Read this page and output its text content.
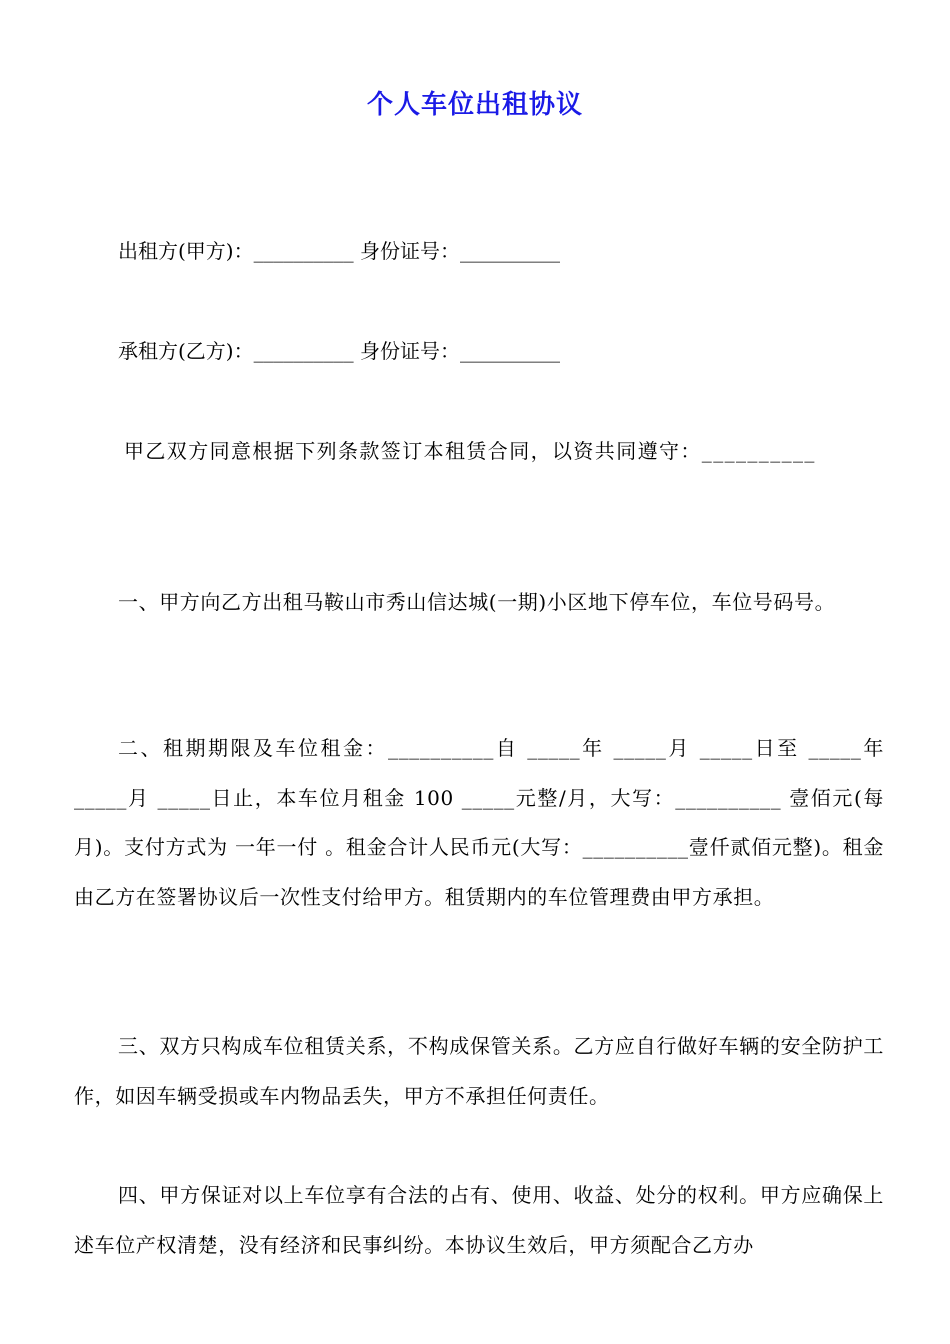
个人车位出租协议
出租方(甲方)：__________ 身份证号：__________
承租方(乙方)：__________ 身份证号：__________
甲乙双方同意根据下列条款签订本租赁合同，以资共同遵守：__________

一、甲方向乙方出租马鞍山市秀山信达城(一期)小区地下停车位，车位号码号。

二、租期期限及车位租金：__________自 _____年 _____月 _____日至 _____年 _____月 _____日止，本车位月租金 100 _____元整/月，大写：__________ 壹佰元(每月)。支付方式为 一年一付 。租金合计人民币元(大写：__________壹仟贰佰元整)。租金由乙方在签署协议后一次性支付给甲方。租赁期内的车位管理费由甲方承担。

三、双方只构成车位租赁关系，不构成保管关系。乙方应自行做好车辆的安全防护工作，如因车辆受损或车内物品丢失，甲方不承担任何责任。

四、甲方保证对以上车位享有合法的占有、使用、收益、处分的权利。甲方应确保上述车位产权清楚，没有经济和民事纠纷。本协议生效后，甲方须配合乙方办
